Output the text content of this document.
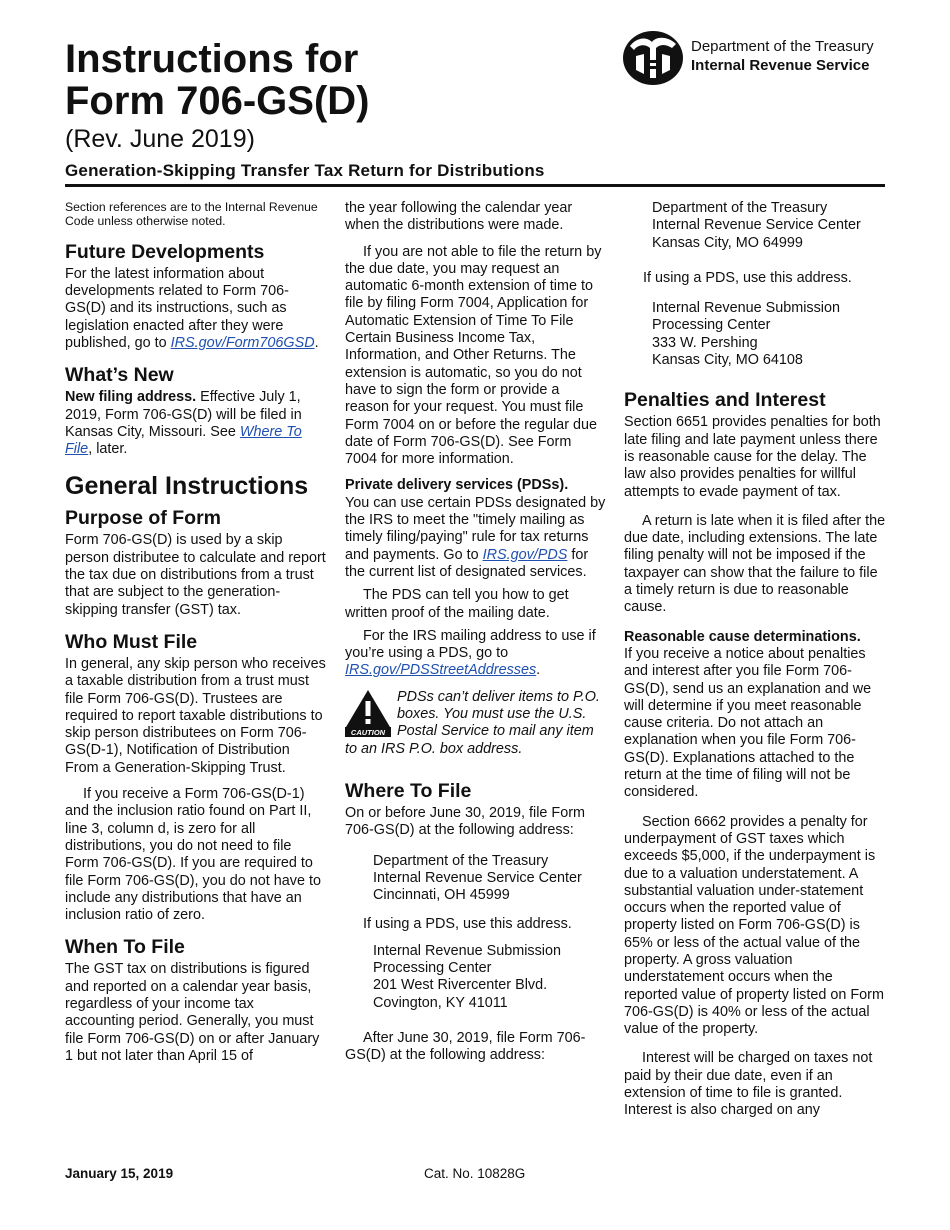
Instructions for
Form 706-GS(D)
(Rev. June 2019)
Generation-Skipping Transfer Tax Return for Distributions
Department of the Treasury
Internal Revenue Service

Section references are to the Internal Revenue Code unless otherwise noted.

Future Developments

For the latest information about developments related to Form 706-GS(D) and its instructions, such as legislation enacted after they were published, go to IRS.gov/Form706GSD.

What’s New

New filing address. Effective July 1, 2019, Form 706-GS(D) will be filed in Kansas City, Missouri. See Where To File, later.

General Instructions
Purpose of Form

Form 706-GS(D) is used by a skip person distributee to calculate and report the tax due on distributions from a trust that are subject to the generation-skipping transfer (GST) tax.

Who Must File

In general, any skip person who receives a taxable distribution from a trust must file Form 706-GS(D). Trustees are required to report taxable distributions to skip person distributees on Form 706-GS(D-1), Notification of Distribution From a Generation-Skipping Trust.

If you receive a Form 706-GS(D-1) and the inclusion ratio found on Part II, line 3, column d, is zero for all distributions, you do not need to file Form 706-GS(D). If you are required to file Form 706-GS(D), you do not have to include any distributions that have an inclusion ratio of zero.

When To File

The GST tax on distributions is figured and reported on a calendar year basis, regardless of your income tax accounting period. Generally, you must file Form 706-GS(D) on or after January 1 but not later than April 15 of

the year following the calendar year when the distributions were made.

If you are not able to file the return by the due date, you may request an automatic 6-month extension of time to file by filing Form 7004, Application for Automatic Extension of Time To File Certain Business Income Tax, Information, and Other Returns. The extension is automatic, so you do not have to sign the form or provide a reason for your request. You must file Form 7004 on or before the regular due date of Form 706-GS(D). See Form 7004 for more information.

Private delivery services (PDSs).
You can use certain PDSs designated by the IRS to meet the "timely mailing as timely filing/paying" rule for tax returns and payments. Go to IRS.gov/PDS for the current list of designated services.

The PDS can tell you how to get written proof of the mailing date.

For the IRS mailing address to use if you’re using a PDS, go to IRS.gov/PDSStreetAddresses.

CAUTION
PDSs can’t deliver items to P.O. boxes. You must use the U.S. Postal Service to mail any item to an IRS P.O. box address.
Where To File

On or before June 30, 2019, file Form 706-GS(D) at the following address:

Department of the Treasury
Internal Revenue Service Center
Cincinnati, OH 45999

If using a PDS, use this address.

Internal Revenue Submission
Processing Center
201 West Rivercenter Blvd.
Covington, KY 41011

After June 30, 2019, file Form 706-GS(D) at the following address:

Department of the Treasury
Internal Revenue Service Center
Kansas City, MO 64999

If using a PDS, use this address.

Internal Revenue Submission
Processing Center
333 W. Pershing
Kansas City, MO 64108
Penalties and Interest

Section 6651 provides penalties for both late filing and late payment unless there is reasonable cause for the delay. The law also provides penalties for willful attempts to evade payment of tax.

A return is late when it is filed after the due date, including extensions. The late filing penalty will not be imposed if the taxpayer can show that the failure to file a timely return is due to reasonable cause.

Reasonable cause determinations.
If you receive a notice about penalties and interest after you file Form 706-GS(D), send us an explanation and we will determine if you meet reasonable cause criteria. Do not attach an explanation when you file Form 706-GS(D). Explanations attached to the return at the time of filing will not be considered.

Section 6662 provides a penalty for underpayment of GST taxes which exceeds $5,000, if the underpayment is due to a valuation understatement. A substantial valuation under-statement occurs when the reported value of property listed on Form 706-GS(D) is 65% or less of the actual value of the property. A gross valuation understatement occurs when the reported value of property listed on Form 706-GS(D) is 40% or less of the actual value of the property.

Interest will be charged on taxes not paid by their due date, even if an extension of time to file is granted. Interest is also charged on any

January 15, 2019	Cat. No. 10828G
